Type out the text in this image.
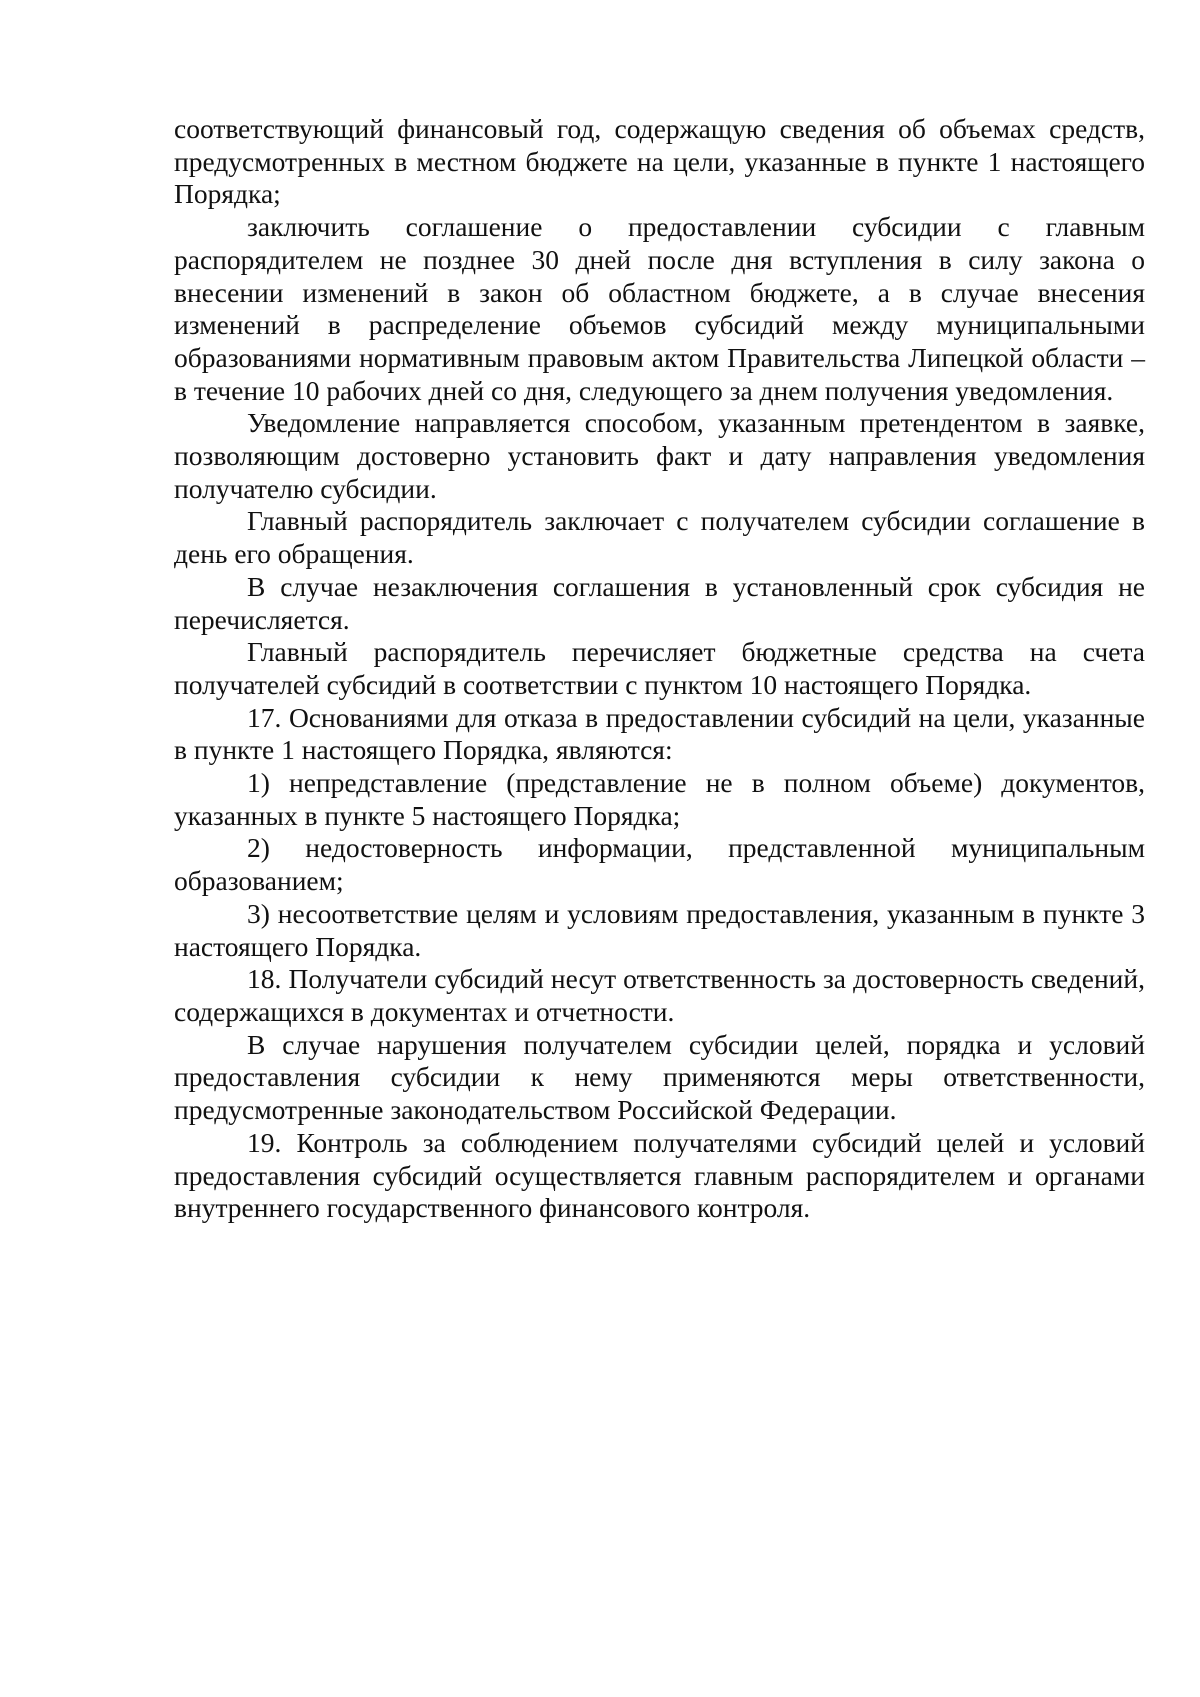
соответствующий финансовый год, содержащую сведения об объемах средств, предусмотренных в местном бюджете на цели, указанные в пункте 1 настоящего Порядка;

заключить соглашение о предоставлении субсидии с главным распорядителем не позднее 30 дней после дня вступления в силу закона о внесении изменений в закон об областном бюджете, а в случае внесения изменений в распределение объемов субсидий между муниципальными образованиями нормативным правовым актом Правительства Липецкой области – в течение 10 рабочих дней со дня, следующего за днем получения уведомления.

Уведомление направляется способом, указанным претендентом в заявке, позволяющим достоверно установить факт и дату направления уведомления получателю субсидии.

Главный распорядитель заключает с получателем субсидии соглашение в день его обращения.

В случае незаключения соглашения в установленный срок субсидия не перечисляется.

Главный распорядитель перечисляет бюджетные средства на счета получателей субсидий в соответствии с пунктом 10 настоящего Порядка.

17. Основаниями для отказа в предоставлении субсидий на цели, указанные в пункте 1 настоящего Порядка, являются:

1) непредставление (представление не в полном объеме) документов, указанных в пункте 5 настоящего Порядка;

2) недостоверность информации, представленной муниципальным образованием;

3) несоответствие целям и условиям предоставления, указанным в пункте 3 настоящего Порядка.

18. Получатели субсидий несут ответственность за достоверность сведений, содержащихся в документах и отчетности.

В случае нарушения получателем субсидии целей, порядка и условий предоставления субсидии к нему применяются меры ответственности, предусмотренные законодательством Российской Федерации.

19. Контроль за соблюдением получателями субсидий целей и условий предоставления субсидий осуществляется главным распорядителем и органами внутреннего государственного финансового контроля.
